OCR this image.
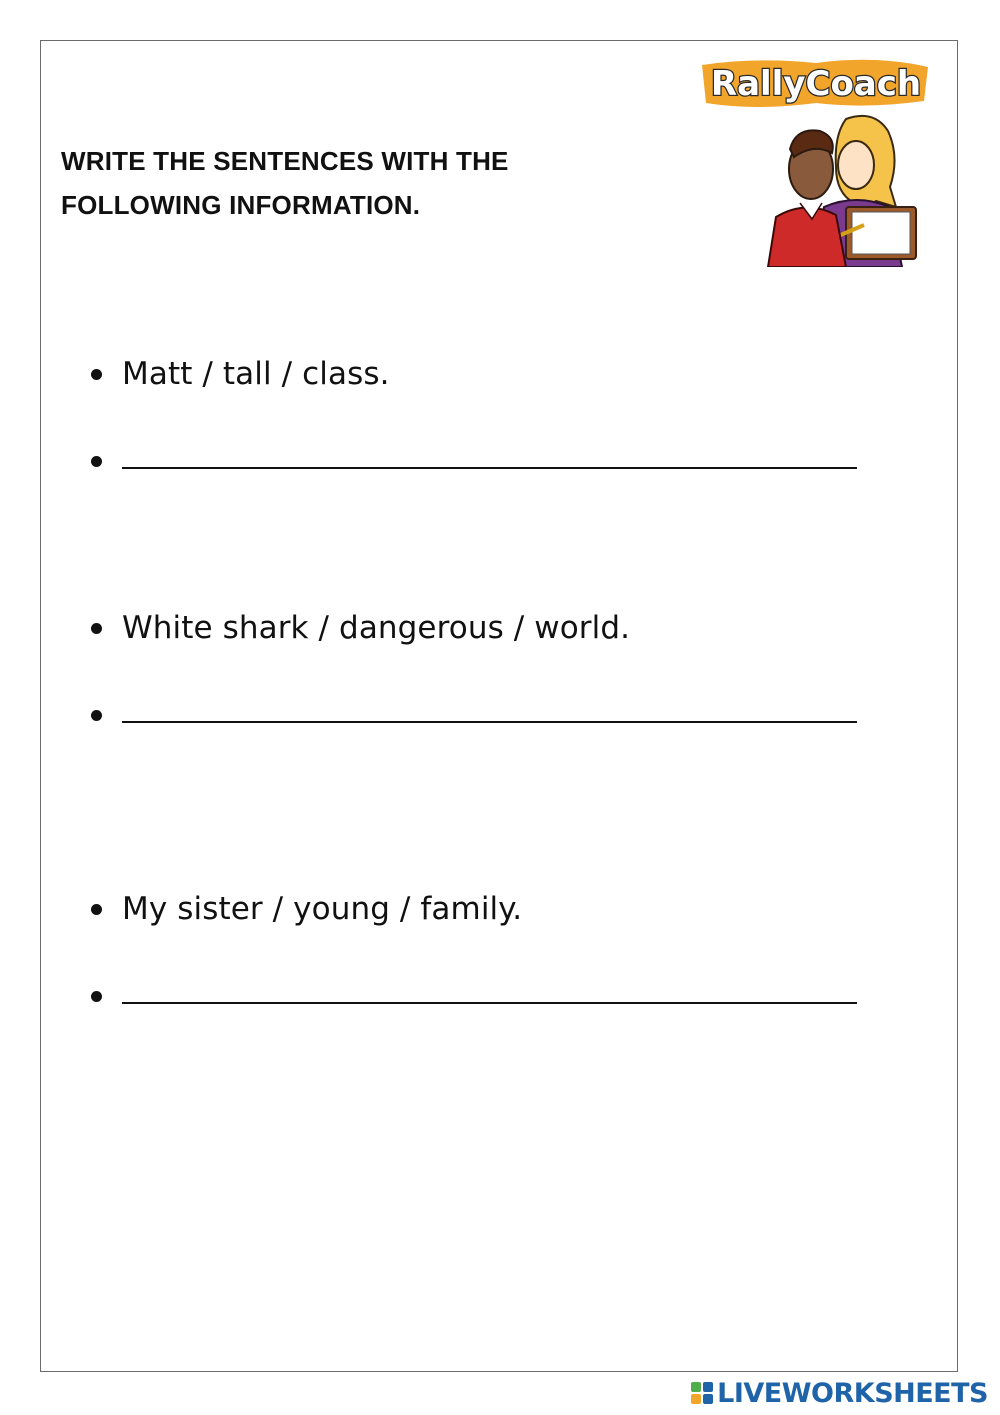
WRITE THE SENTENCES WITH THE
FOLLOWING INFORMATION.
RallyCoach
Matt / tall / class.
White shark / dangerous / world.
My sister / young / family.
LIVEWORKSHEETS
